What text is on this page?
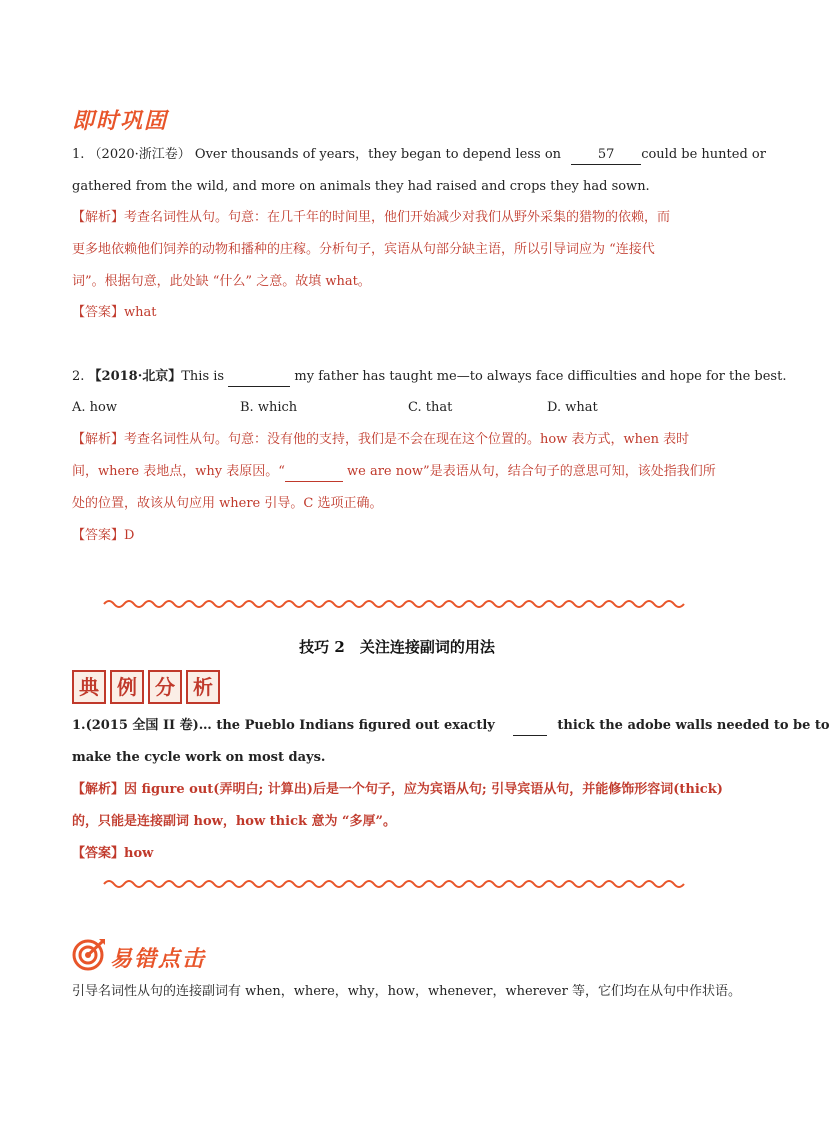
即时巩固
1. （2020·浙江卷） Over thousands of years，they began to depend less on	57 could be hunted or
gathered from the wild, and more on animals they had raised and crops they had sown.
【解析】考查名词性从句。句意：在几千年的时间里，他们开始减少对我们从野外采集的猎物的依赖，而
更多地依赖他们饲养的动物和播种的庄稼。分析句子，宾语从句部分缺主语，所以引导词应为 “连接代
词”。根据句意，此处缺 “什么” 之意。故填 what。
【答案】what
2. 【2018·北京】This is	my father has taught me—to always face difficulties and hope for the best.
A. how	B. which	C. that	D. what
【解析】考查名词性从句。句意：没有他的支持，我们是不会在现在这个位置的。how 表方式，when 表时
间，where 表地点，why 表原因。“	we are now”是表语从句，结合句子的意思可知，该处指我们所
处的位置，故该从句应用 where 引导。C 选项正确。
【答案】D
技巧 2　关注连接副词的用法
典 例 分 析
1.(2015 全国 II 卷)… the Pueblo Indians figured out exactly	thick the adobe walls needed to be to
make the cycle work on most days.
【解析】因 figure out(弄明白; 计算出)后是一个句子，应为宾语从句; 引导宾语从句，并能修饰形容词(thick)
的，只能是连接副词 how，how thick 意为 “多厚”。
【答案】how
易错点击
引导名词性从句的连接副词有 when，where，why，how，whenever，wherever 等，它们均在从句中作状语。
